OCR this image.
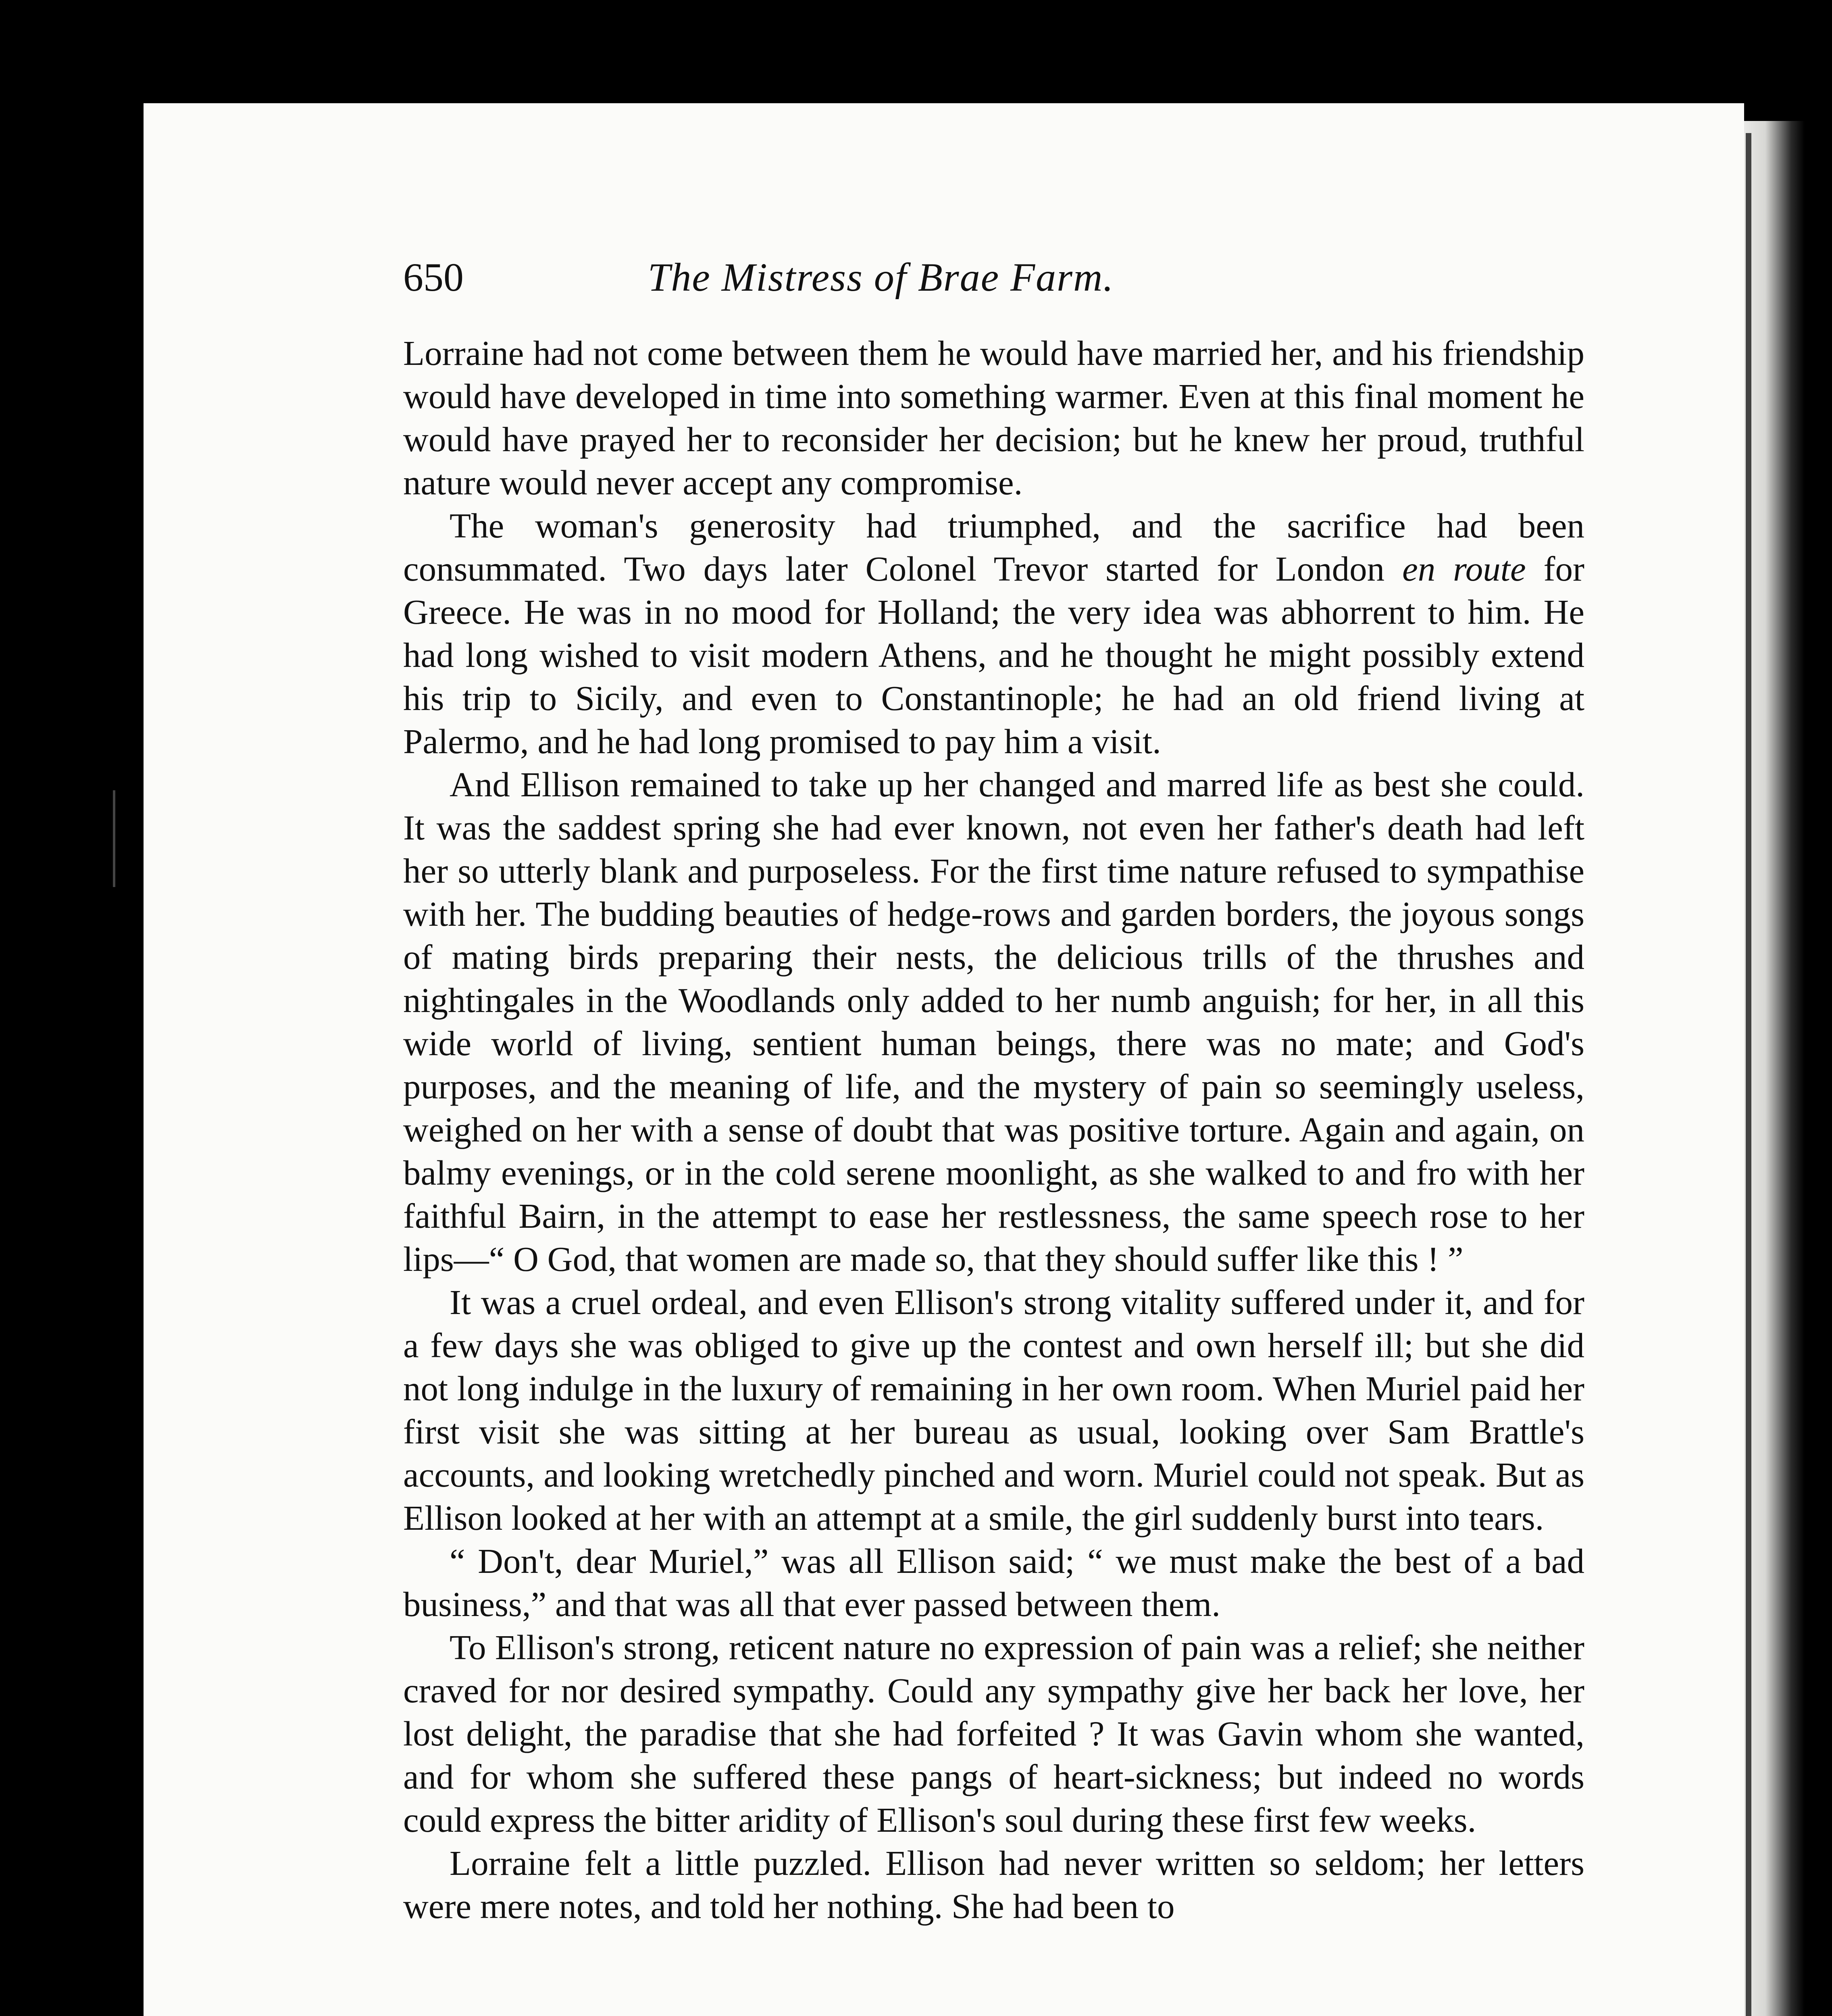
650	The Mistress of Brae Farm.

Lorraine had not come between them he would have married her, and his friendship would have developed in time into something warmer. Even at this final moment he would have prayed her to reconsider her decision; but he knew her proud, truthful nature would never accept any compromise.

The woman's generosity had triumphed, and the sacrifice had been consummated. Two days later Colonel Trevor started for London en route for Greece. He was in no mood for Holland; the very idea was abhorrent to him. He had long wished to visit modern Athens, and he thought he might possibly extend his trip to Sicily, and even to Constantinople; he had an old friend living at Palermo, and he had long promised to pay him a visit.

And Ellison remained to take up her changed and marred life as best she could. It was the saddest spring she had ever known, not even her father's death had left her so utterly blank and purposeless. For the first time nature refused to sympathise with her. The budding beauties of hedge-rows and garden borders, the joyous songs of mating birds preparing their nests, the delicious trills of the thrushes and nightingales in the Woodlands only added to her numb anguish; for her, in all this wide world of living, sentient human beings, there was no mate; and God's purposes, and the meaning of life, and the mystery of pain so seemingly useless, weighed on her with a sense of doubt that was positive torture. Again and again, on balmy evenings, or in the cold serene moonlight, as she walked to and fro with her faithful Bairn, in the attempt to ease her restlessness, the same speech rose to her lips—“ O God, that women are made so, that they should suffer like this ! ”

It was a cruel ordeal, and even Ellison's strong vitality suffered under it, and for a few days she was obliged to give up the contest and own herself ill; but she did not long indulge in the luxury of remaining in her own room. When Muriel paid her first visit she was sitting at her bureau as usual, looking over Sam Brattle's accounts, and looking wretchedly pinched and worn. Muriel could not speak. But as Ellison looked at her with an attempt at a smile, the girl suddenly burst into tears.

“ Don't, dear Muriel,” was all Ellison said; “ we must make the best of a bad business,” and that was all that ever passed between them.

To Ellison's strong, reticent nature no expression of pain was a relief; she neither craved for nor desired sympathy. Could any sympathy give her back her love, her lost delight, the paradise that she had forfeited ? It was Gavin whom she wanted, and for whom she suffered these pangs of heart-sickness; but indeed no words could express the bitter aridity of Ellison's soul during these first few weeks.

Lorraine felt a little puzzled. Ellison had never written so seldom; her letters were mere notes, and told her nothing. She had been to
